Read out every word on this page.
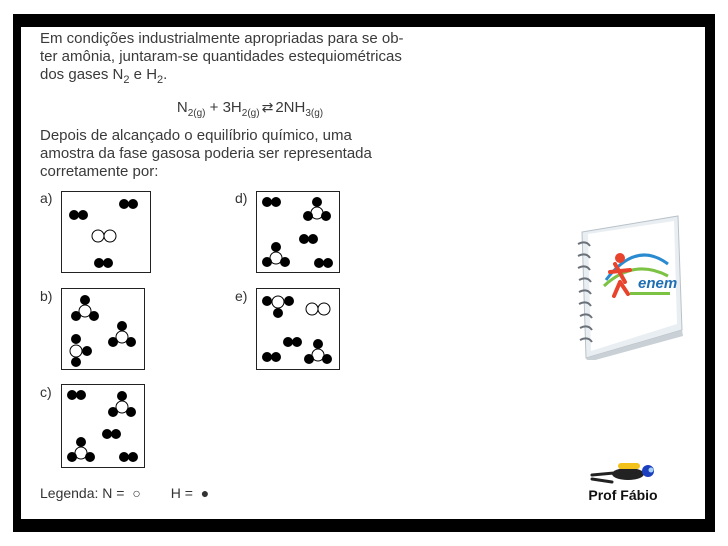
Em condições industrialmente apropriadas para se ob-
ter amônia, juntaram-se quantidades estequiométricas
dos gases $N_2$ e $H_2$.

$N_{2(g)} + 3H_{2(g)}$ ⇄ $2NH_{3(g)}$

Depois de alcançado o equilíbrio químico, uma
amostra da fase gasosa poderia ser representada
corretamente por:

a)
b)
c)
d)
e)
Legenda: N = ○ H = ●
enem
Prof Fábio
